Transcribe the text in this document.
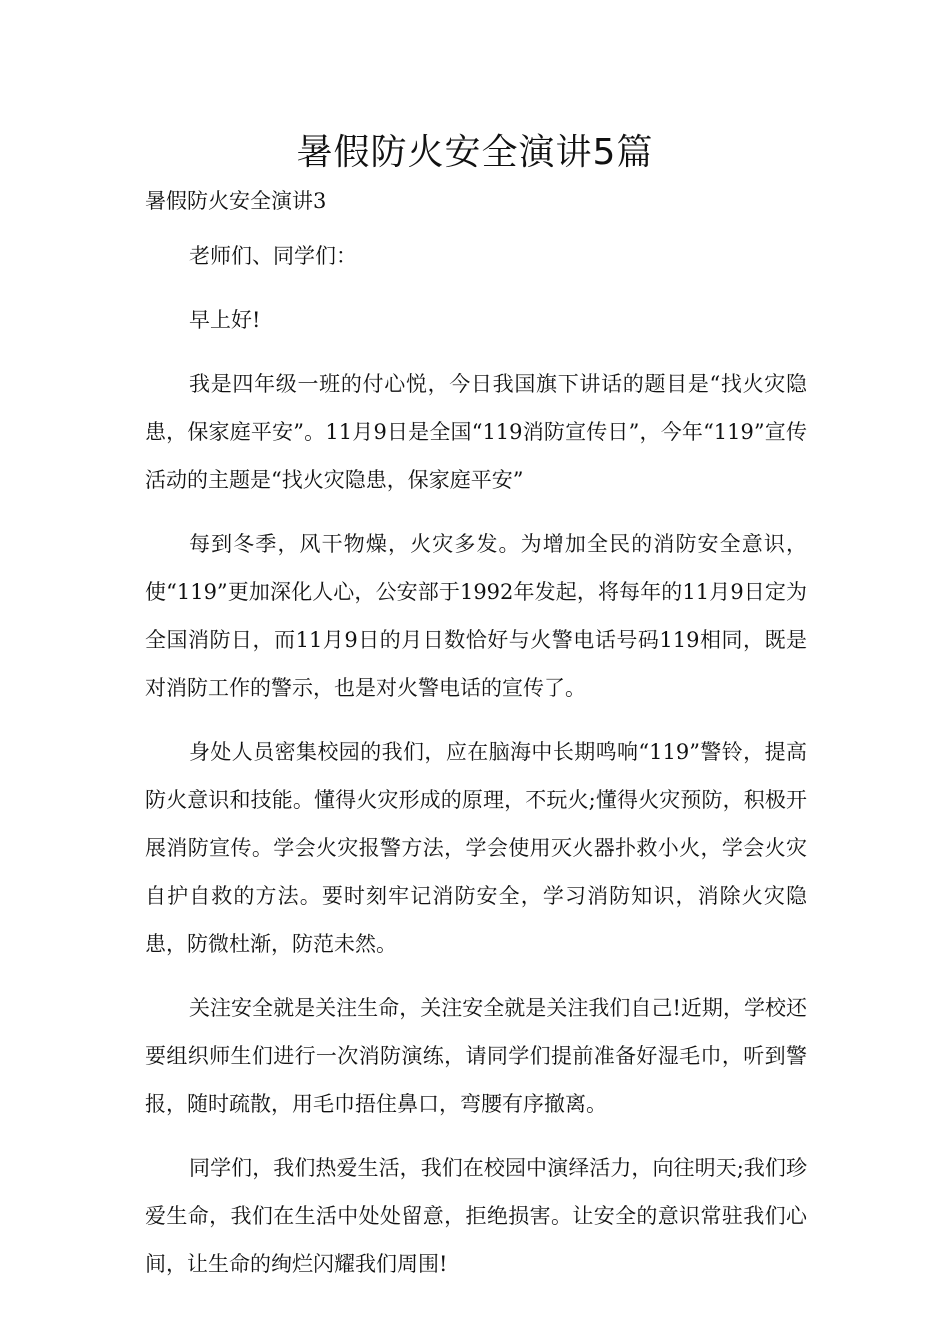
暑假防火安全演讲5篇
暑假防火安全演讲3

老师们、同学们：

早上好!

我是四年级一班的付心悦，今日我国旗下讲话的题目是“找火灾隐患，保家庭平安”。11月9日是全国“119消防宣传日”，今年“119”宣传活动的主题是“找火灾隐患，保家庭平安”

每到冬季，风干物燥，火灾多发。为增加全民的消防安全意识，使“119”更加深化人心，公安部于1992年发起，将每年的11月9日定为全国消防日，而11月9日的月日数恰好与火警电话号码119相同，既是对消防工作的警示，也是对火警电话的宣传了。

身处人员密集校园的我们，应在脑海中长期鸣响“119”警铃，提高防火意识和技能。懂得火灾形成的原理，不玩火;懂得火灾预防，积极开展消防宣传。学会火灾报警方法，学会使用灭火器扑救小火，学会火灾自护自救的方法。要时刻牢记消防安全，学习消防知识，消除火灾隐患，防微杜渐，防范未然。

关注安全就是关注生命，关注安全就是关注我们自己!近期，学校还要组织师生们进行一次消防演练，请同学们提前准备好湿毛巾，听到警报，随时疏散，用毛巾捂住鼻口，弯腰有序撤离。

同学们，我们热爱生活，我们在校园中演绎活力，向往明天;我们珍爱生命，我们在生活中处处留意，拒绝损害。让安全的意识常驻我们心间，让生命的绚烂闪耀我们周围!
